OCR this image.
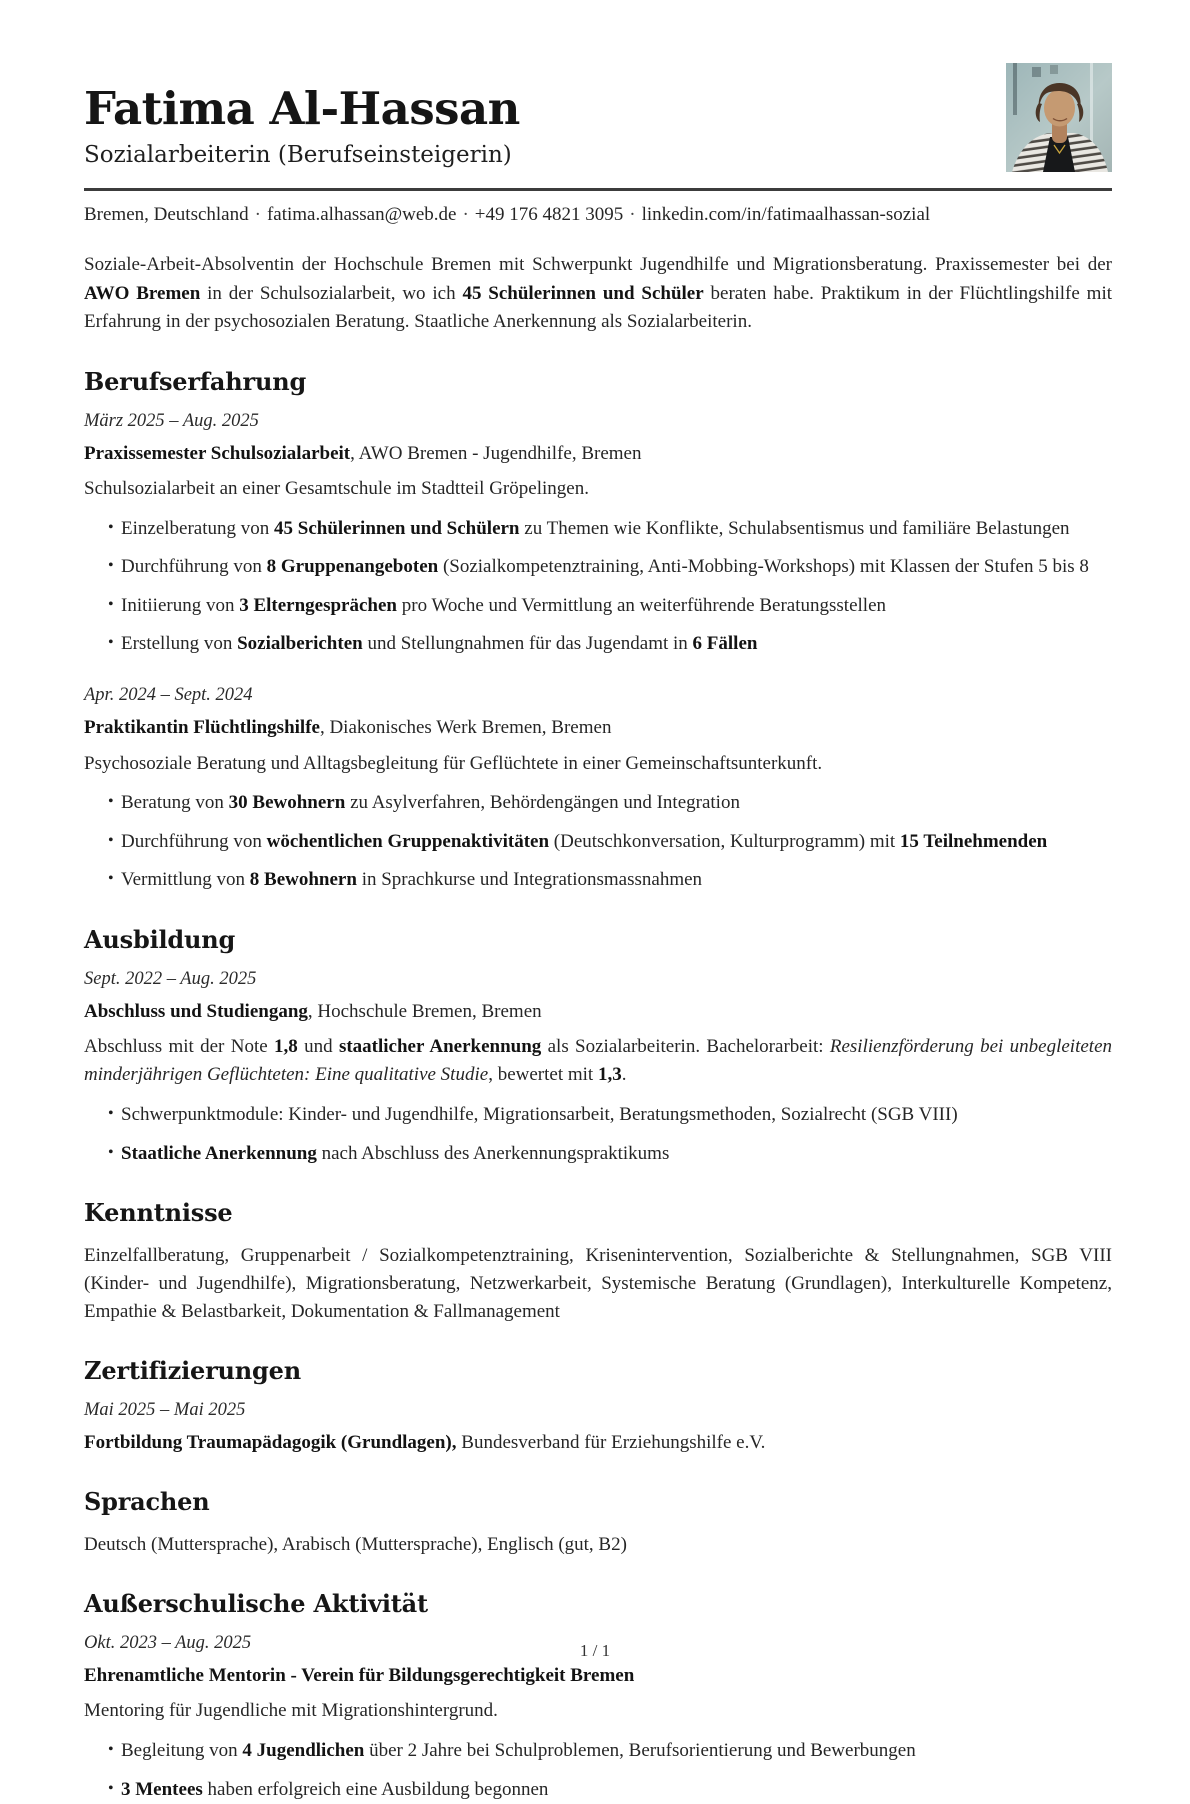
Fatima Al-Hassan
Sozialarbeiterin (Berufseinsteigerin)
Bremen, Deutschland · fatima.alhassan@web.de · +49 176 4821 3095 · linkedin.com/in/fatimaalhassan-sozial

Soziale-Arbeit-Absolventin der Hochschule Bremen mit Schwerpunkt Jugendhilfe und Migrationsberatung. Praxissemester bei der AWO Bremen in der Schulsozialarbeit, wo ich 45 Schülerinnen und Schüler beraten habe. Praktikum in der Flüchtlingshilfe mit Erfahrung in der psychosozialen Beratung. Staatliche Anerkennung als Sozialarbeiterin.

Berufserfahrung

März 2025 – Aug. 2025

Praxissemester Schulsozialarbeit, AWO Bremen - Jugendhilfe, Bremen

Schulsozialarbeit an einer Gesamtschule im Stadtteil Gröpelingen.

• Einzelberatung von 45 Schülerinnen und Schülern zu Themen wie Konflikte, Schulabsentismus und familiäre Belastungen
• Durchführung von 8 Gruppenangeboten (Sozialkompetenztraining, Anti-Mobbing-Workshops) mit Klassen der Stufen 5 bis 8
• Initiierung von 3 Elterngesprächen pro Woche und Vermittlung an weiterführende Beratungsstellen
• Erstellung von Sozialberichten und Stellungnahmen für das Jugendamt in 6 Fällen

Apr. 2024 – Sept. 2024

Praktikantin Flüchtlingshilfe, Diakonisches Werk Bremen, Bremen

Psychosoziale Beratung und Alltagsbegleitung für Geflüchtete in einer Gemeinschaftsunterkunft.

• Beratung von 30 Bewohnern zu Asylverfahren, Behördengängen und Integration
• Durchführung von wöchentlichen Gruppenaktivitäten (Deutschkonversation, Kulturprogramm) mit 15 Teilnehmenden
• Vermittlung von 8 Bewohnern in Sprachkurse und Integrationsmassnahmen
Ausbildung

Sept. 2022 – Aug. 2025

Abschluss und Studiengang, Hochschule Bremen, Bremen

Abschluss mit der Note 1,8 und staatlicher Anerkennung als Sozialarbeiterin. Bachelorarbeit: Resilienzförderung bei unbegleiteten minderjährigen Geflüchteten: Eine qualitative Studie, bewertet mit 1,3.

• Schwerpunktmodule: Kinder- und Jugendhilfe, Migrationsarbeit, Beratungsmethoden, Sozialrecht (SGB VIII)
• Staatliche Anerkennung nach Abschluss des Anerkennungspraktikums
Kenntnisse

Einzelfallberatung, Gruppenarbeit / Sozialkompetenztraining, Krisenintervention, Sozialberichte & Stellungnahmen, SGB VIII (Kinder- und Jugendhilfe), Migrationsberatung, Netzwerkarbeit, Systemische Beratung (Grundlagen), Interkulturelle Kompetenz, Empathie & Belastbarkeit, Dokumentation & Fallmanagement

Zertifizierungen

Mai 2025 – Mai 2025

Fortbildung Traumapädagogik (Grundlagen), Bundesverband für Erziehungshilfe e.V.

Sprachen

Deutsch (Muttersprache), Arabisch (Muttersprache), Englisch (gut, B2)

Außerschulische Aktivität

Okt. 2023 – Aug. 2025

Ehrenamtliche Mentorin - Verein für Bildungsgerechtigkeit Bremen

Mentoring für Jugendliche mit Migrationshintergrund.

• Begleitung von 4 Jugendlichen über 2 Jahre bei Schulproblemen, Berufsorientierung und Bewerbungen
• 3 Mentees haben erfolgreich eine Ausbildung begonnen
1 / 1
